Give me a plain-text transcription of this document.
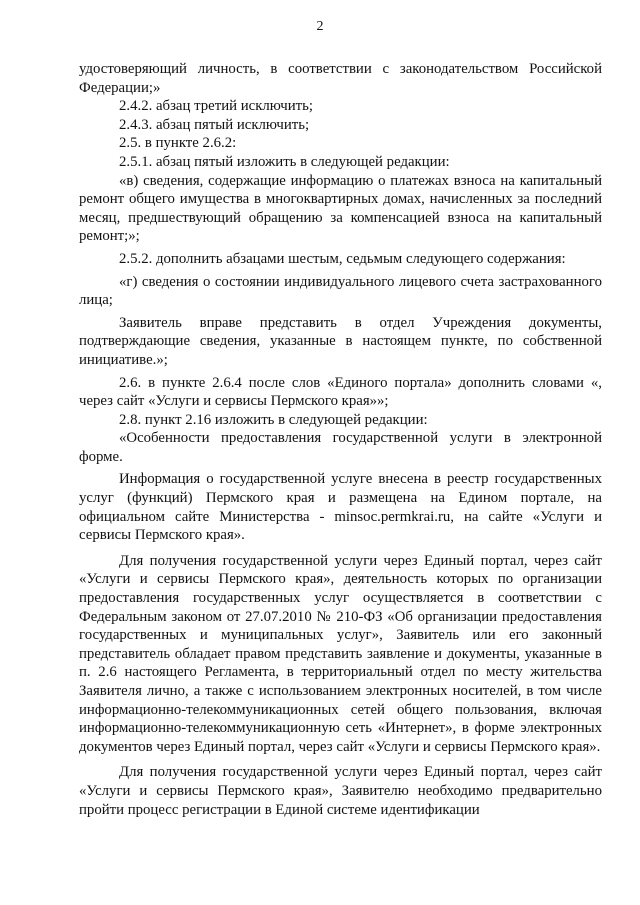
2

удостоверяющий личность, в соответствии с законодательством Российской Федерации;»

2.4.2. абзац третий исключить;

2.4.3. абзац пятый исключить;

2.5. в пункте 2.6.2:

2.5.1. абзац пятый изложить в следующей редакции:

«в) сведения, содержащие информацию о платежах взноса на капитальный ремонт общего имущества в многоквартирных домах, начисленных за последний месяц, предшествующий обращению за компенсацией взноса на капитальный ремонт;»;

2.5.2. дополнить абзацами шестым, седьмым следующего содержания:

«г) сведения о состоянии индивидуального лицевого счета застрахованного лица;

Заявитель вправе представить в отдел Учреждения документы, подтверждающие сведения, указанные в настоящем пункте, по собственной инициативе.»;

2.6. в пункте 2.6.4 после слов «Единого портала» дополнить словами «, через сайт «Услуги и сервисы Пермского края»»;

2.8. пункт 2.16 изложить в следующей редакции:

«Особенности предоставления государственной услуги в электронной форме.

Информация о государственной услуге внесена в реестр государственных услуг (функций) Пермского края и размещена на Едином портале, на официальном сайте Министерства - minsoc.permkrai.ru, на сайте «Услуги и сервисы Пермского края».

Для получения государственной услуги через Единый портал, через сайт «Услуги и сервисы Пермского края», деятельность которых по организации предоставления государственных услуг осуществляется в соответствии с Федеральным законом от 27.07.2010 № 210-ФЗ «Об организации предоставления государственных и муниципальных услуг», Заявитель или его законный представитель обладает правом представить заявление и документы, указанные в п. 2.6 настоящего Регламента, в территориальный отдел по месту жительства Заявителя лично, а также с использованием электронных носителей, в том числе информационно-телекоммуникационных сетей общего пользования, включая информационно-телекоммуникационную сеть «Интернет», в форме электронных документов через Единый портал, через сайт «Услуги и сервисы Пермского края».

Для получения государственной услуги через Единый портал, через сайт «Услуги и сервисы Пермского края», Заявителю необходимо предварительно пройти процесс регистрации в Единой системе идентификации
